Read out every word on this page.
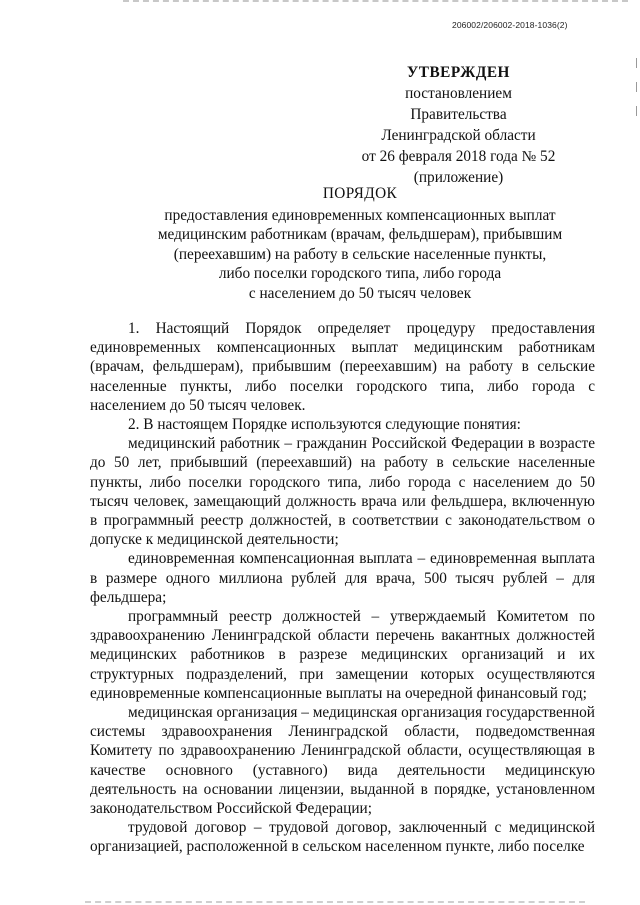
206002/206002-2018-1036(2)
УТВЕРЖДЕН
постановлением Правительства
Ленинградской области
от 26 февраля 2018 года № 52
(приложение)
ПОРЯДОК
предоставления единовременных компенсационных выплат
медицинским работникам (врачам, фельдшерам), прибывшим
(переехавшим) на работу в сельские населенные пункты,
либо поселки городского типа, либо города
с населением до 50 тысяч человек

1. Настоящий Порядок определяет процедуру предоставления единовременных компенсационных выплат медицинским работникам (врачам, фельдшерам), прибывшим (переехавшим) на работу в сельские населенные пункты, либо поселки городского типа, либо города с населением до 50 тысяч человек.

2. В настоящем Порядке используются следующие понятия:

медицинский работник – гражданин Российской Федерации в возрасте до 50 лет, прибывший (переехавший) на работу в сельские населенные пункты, либо поселки городского типа, либо города с населением до 50 тысяч человек, замещающий должность врача или фельдшера, включенную в программный реестр должностей, в соответствии с законодательством о допуске к медицинской деятельности;

единовременная компенсационная выплата – единовременная выплата в размере одного миллиона рублей для врача, 500 тысяч рублей – для фельдшера;

программный реестр должностей – утверждаемый Комитетом по здравоохранению Ленинградской области перечень вакантных должностей медицинских работников в разрезе медицинских организаций и их структурных подразделений, при замещении которых осуществляются единовременные компенсационные выплаты на очередной финансовый год;

медицинская организация – медицинская организация государственной системы здравоохранения Ленинградской области, подведомственная Комитету по здравоохранению Ленинградской области, осуществляющая в качестве основного (уставного) вида деятельности медицинскую деятельность на основании лицензии, выданной в порядке, установленном законодательством Российской Федерации;

трудовой договор – трудовой договор, заключенный с медицинской организацией, расположенной в сельском населенном пункте, либо поселке
